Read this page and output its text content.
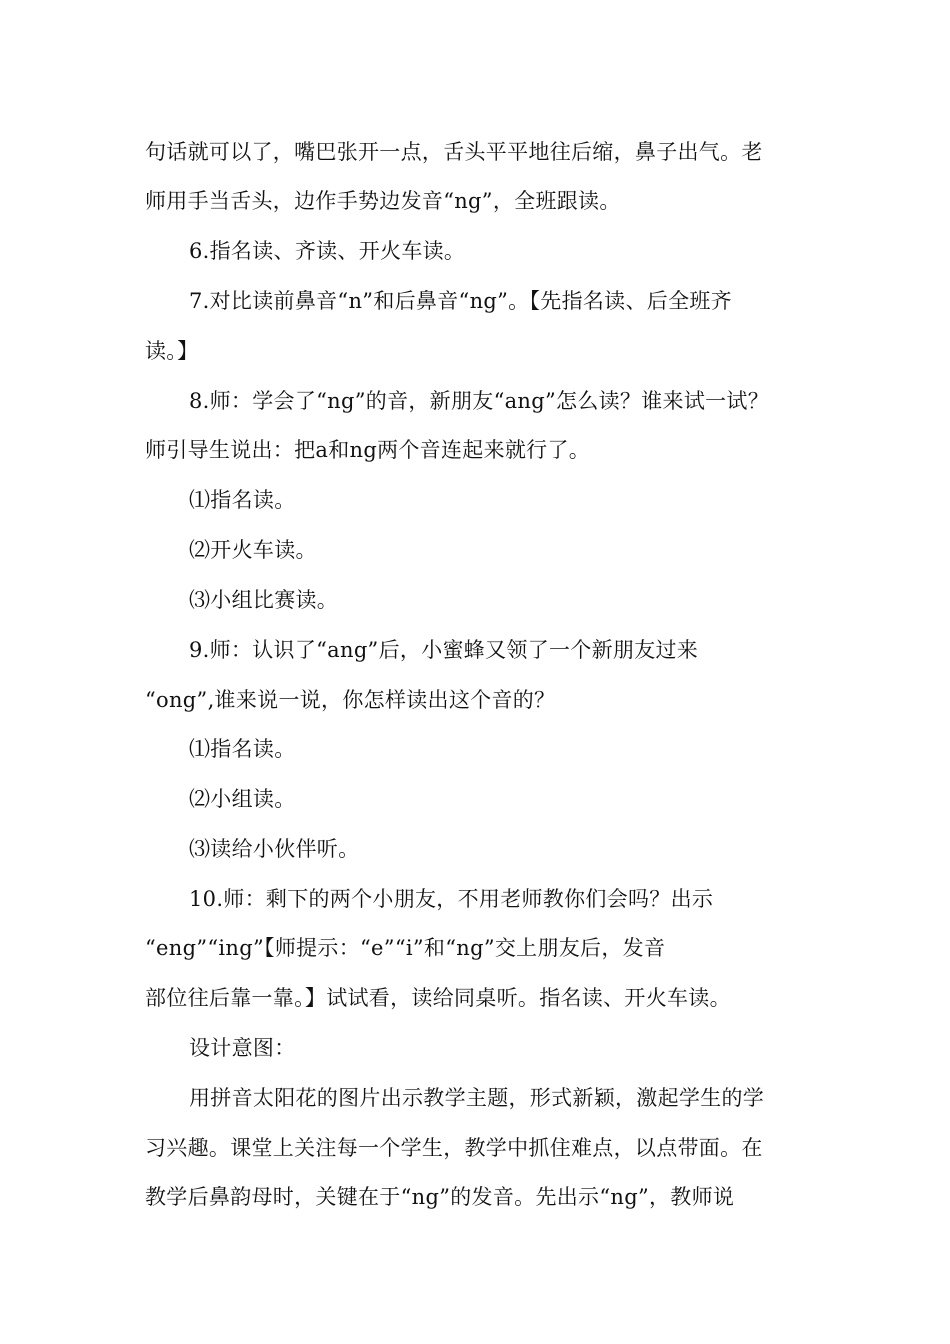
句话就可以了，嘴巴张开一点，舌头平平地往后缩，鼻子出气。老
师用手当舌头，边作手势边发音“ng”，全班跟读。
6.指名读、齐读、开火车读。
7.对比读前鼻音“n”和后鼻音“ng”。【先指名读、后全班齐
读。】
8.师：学会了“ng”的音，新朋友“ang”怎么读？谁来试一试？
师引导生说出：把a和ng两个音连起来就行了。
⑴指名读。
⑵开火车读。
⑶小组比赛读。
9.师：认识了“ang”后，小蜜蜂又领了一个新朋友过来
“ong”,谁来说一说，你怎样读出这个音的？
⑴指名读。
⑵小组读。
⑶读给小伙伴听。
10.师：剩下的两个小朋友，不用老师教你们会吗？出示
“eng”“ing”【师提示：“e”“i”和“ng”交上朋友后，发音
部位往后靠一靠。】试试看，读给同桌听。指名读、开火车读。
设计意图：
用拼音太阳花的图片出示教学主题，形式新颖，激起学生的学
习兴趣。课堂上关注每一个学生，教学中抓住难点，以点带面。在
教学后鼻韵母时，关键在于“ng”的发音。先出示“ng”，教师说
